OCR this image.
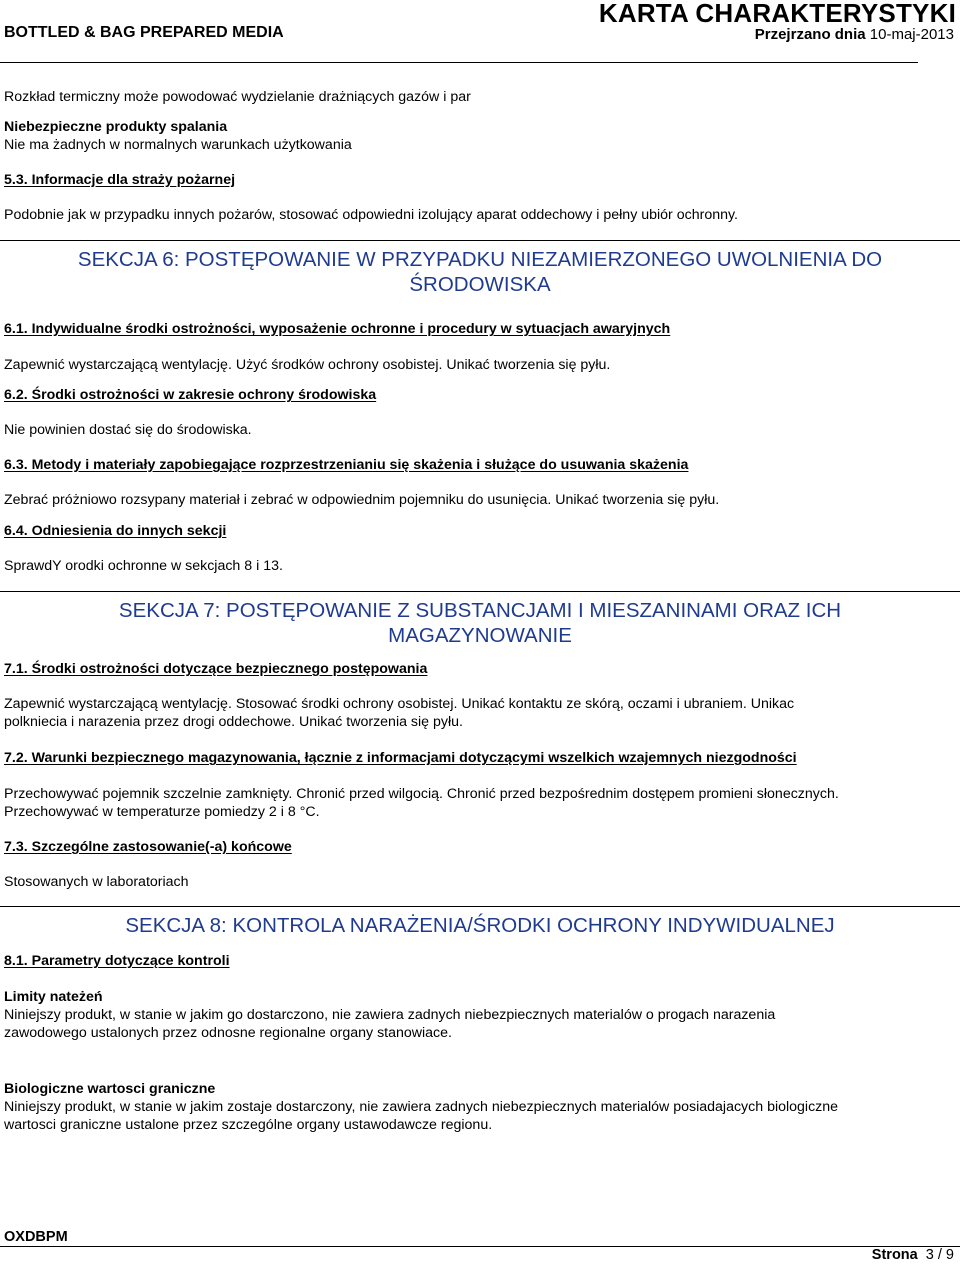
KARTA CHARAKTERYSTYKI
BOTTLED & BAG PREPARED MEDIA	Przejrzano dnia 10-maj-2013
Rozkład termiczny może powodować wydzielanie drażniących gazów i par
Niebezpieczne produkty spalania
Nie ma żadnych w normalnych warunkach użytkowania
5.3. Informacje dla straży pożarnej
Podobnie jak w przypadku innych pożarów, stosować odpowiedni izolujący aparat oddechowy i pełny ubiór ochronny.
SEKCJA 6: POSTĘPOWANIE W PRZYPADKU NIEZAMIERZONEGO UWOLNIENIA DO
ŚRODOWISKA
6.1. Indywidualne środki ostrożności, wyposażenie ochronne i procedury w sytuacjach awaryjnych
Zapewnić wystarczającą wentylację. Użyć środków ochrony osobistej. Unikać tworzenia się pyłu.
6.2. Środki ostrożności w zakresie ochrony środowiska
Nie powinien dostać się do środowiska.
6.3. Metody i materiały zapobiegające rozprzestrzenianiu się skażenia i służące do usuwania skażenia
Zebrać próżniowo rozsypany materiał i zebrać w odpowiednim pojemniku do usunięcia. Unikać tworzenia się pyłu.
6.4. Odniesienia do innych sekcji
SprawdY orodki ochronne w sekcjach 8 i 13.
SEKCJA 7: POSTĘPOWANIE Z SUBSTANCJAMI I MIESZANINAMI ORAZ ICH
MAGAZYNOWANIE
7.1. Środki ostrożności dotyczące bezpiecznego postępowania
Zapewnić wystarczającą wentylację. Stosować środki ochrony osobistej. Unikać kontaktu ze skórą, oczami i ubraniem. Unikac
polkniecia i narazenia przez drogi oddechowe. Unikać tworzenia się pyłu.
7.2. Warunki bezpiecznego magazynowania, łącznie z informacjami dotyczącymi wszelkich wzajemnych niezgodności
Przechowywać pojemnik szczelnie zamknięty. Chronić przed wilgocią. Chronić przed bezpośrednim dostępem promieni słonecznych.
Przechowywać w temperaturze pomiedzy 2 i 8 °C.
7.3. Szczególne zastosowanie(-a) końcowe
Stosowanych w laboratoriach
SEKCJA 8: KONTROLA NARAŻENIA/ŚRODKI OCHRONY INDYWIDUALNEJ
8.1. Parametry dotyczące kontroli
Limity nateżeń
Niniejszy produkt, w stanie w jakim go dostarczono, nie zawiera zadnych niebezpiecznych materialów o progach narazenia
zawodowego ustalonych przez odnosne regionalne organy stanowiace.
Biologiczne wartosci graniczne
Niniejszy produkt, w stanie w jakim zostaje dostarczony, nie zawiera zadnych niebezpiecznych materialów posiadajacych biologiczne
wartosci graniczne ustalone przez szczególne organy ustawodawcze regionu.
OXDBPM
Strona 3 / 9
